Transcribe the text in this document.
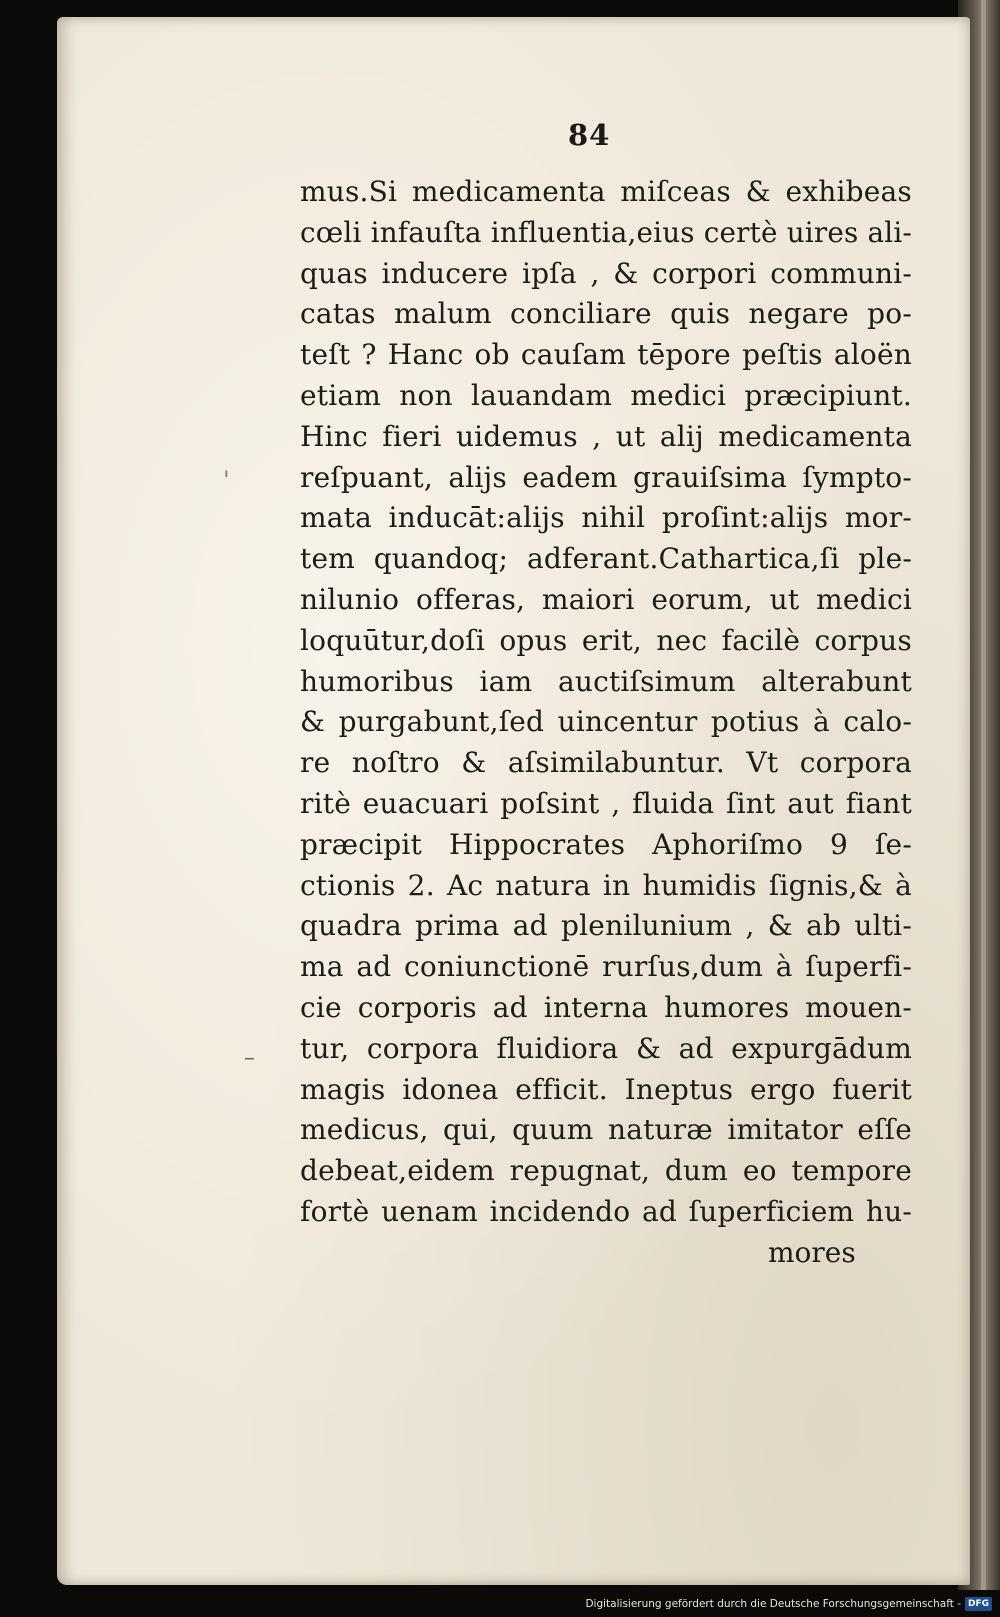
84
mus.Si medicamenta miſceas & exhibeas
cœli infauſta influentia,eius certè uires ali-
quas inducere ipſa , & corpori communi-
catas malum conciliare quis negare po-
teſt ? Hanc ob cauſam tēpore peſtis aloën
etiam non lauandam medici præcipiunt.
Hinc fieri uidemus , ut alij medicamenta
reſpuant, alijs eadem grauiſsima ſympto-
mata inducāt:alijs nihil proſint:alijs mor-
tem quandoq; adferant.Cathartica,ſi ple-
nilunio offeras, maiori eorum, ut medici
loquūtur,doſi opus erit, nec facilè corpus
humoribus iam auctiſsimum alterabunt
& purgabunt,ſed uincentur potius à calo-
re noſtro & aſsimilabuntur. Vt corpora
ritè euacuari poſsint , fluida ſint aut fiant
præcipit Hippocrates Aphoriſmo 9 ſe-
ctionis 2. Ac natura in humidis ſignis,& à
quadra prima ad plenilunium , & ab ulti-
ma ad coniunctionē rurſus,dum à ſuperfi-
cie corporis ad interna humores mouen-
tur, corpora fluidiora & ad expurgādum
magis idonea efficit. Ineptus ergo fuerit
medicus, qui, quum naturæ imitator eſſe
debeat,eidem repugnat, dum eo tempore
fortè uenam incidendo ad ſuperficiem hu-
mores
'
–
Digitalisierung gefördert durch die Deutsche Forschungsgemeinschaft - DFG
